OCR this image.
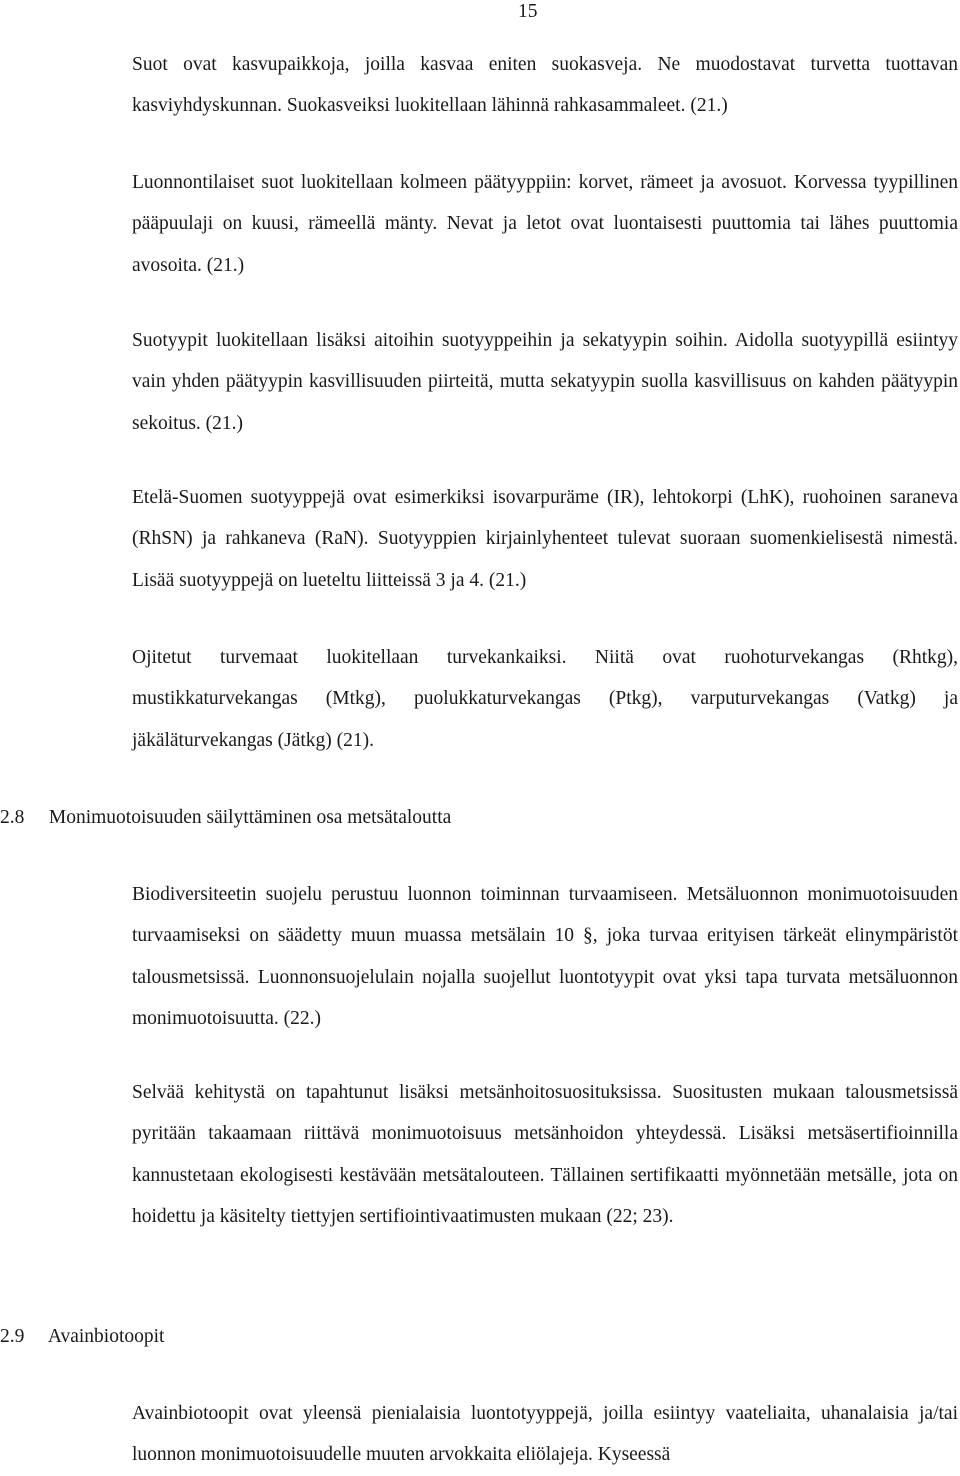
15

Suot ovat kasvupaikkoja, joilla kasvaa eniten suokasveja. Ne muodostavat turvetta tuottavan kasviyhdyskunnan. Suokasveiksi luokitellaan lähinnä rahkasammaleet. (21.)

Luonnontilaiset suot luokitellaan kolmeen päätyyppiin: korvet, rämeet ja avosuot. Korvessa tyypillinen pääpuulaji on kuusi, rämeellä mänty. Nevat ja letot ovat luontaisesti puuttomia tai lähes puuttomia avosoita. (21.)

Suotyypit luokitellaan lisäksi aitoihin suotyyppeihin ja sekatyypin soihin. Aidolla suotyypillä esiintyy vain yhden päätyypin kasvillisuuden piirteitä, mutta sekatyypin suolla kasvillisuus on kahden päätyypin sekoitus. (21.)

Etelä-Suomen suotyyppejä ovat esimerkiksi isovarpuräme (IR), lehtokorpi (LhK), ruohoinen saraneva (RhSN) ja rahkaneva (RaN). Suotyyppien kirjainlyhenteet tulevat suoraan suomenkielisestä nimestä. Lisää suotyyppejä on lueteltu liitteissä 3 ja 4. (21.)

Ojitetut turvemaat luokitellaan turvekankaiksi. Niitä ovat ruohoturvekangas (Rhtkg), mustikkaturvekangas (Mtkg), puolukkaturvekangas (Ptkg), varputurvekangas (Vatkg) ja jäkäläturvekangas (Jätkg) (21).

2.8 Monimuotoisuuden säilyttäminen osa metsätaloutta

Biodiversiteetin suojelu perustuu luonnon toiminnan turvaamiseen. Metsäluonnon monimuotoisuuden turvaamiseksi on säädetty muun muassa metsälain 10 §, joka turvaa erityisen tärkeät elinympäristöt talousmetsissä. Luonnonsuojelulain nojalla suojellut luontotyypit ovat yksi tapa turvata metsäluonnon monimuotoisuutta. (22.)

Selvää kehitystä on tapahtunut lisäksi metsänhoitosuosituksissa. Suositusten mukaan talousmetsissä pyritään takaamaan riittävä monimuotoisuus metsänhoidon yhteydessä. Lisäksi metsäsertifioinnilla kannustetaan ekologisesti kestävään metsätalouteen. Tällainen sertifikaatti myönnetään metsälle, jota on hoidettu ja käsitelty tiettyjen sertifiointivaatimusten mukaan (22; 23).

2.9 Avainbiotoopit

Avainbiotoopit ovat yleensä pienialaisia luontotyyppejä, joilla esiintyy vaateliaita, uhanalaisia ja/tai luonnon monimuotoisuudelle muuten arvokkaita eliölajeja. Kyseessä
